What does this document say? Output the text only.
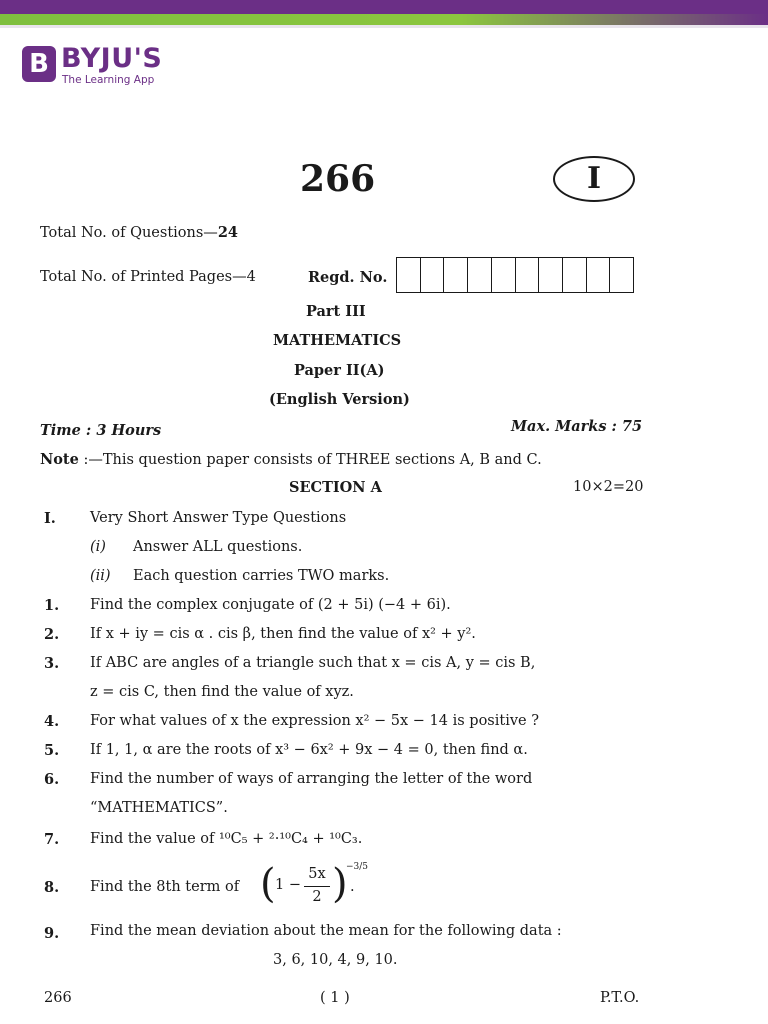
B BYJU'S
The Learning App
266	I
Total No. of Questions—24
Total No. of Printed Pages—4	Regd. No.
Part III
MATHEMATICS
Paper II(A)
(English Version)
Time : 3 Hours	Max. Marks : 75
Note :—This question paper consists of THREE sections A, B and C.
SECTION A	10×2=20
I. Very Short Answer Type Questions
(i) Answer ALL questions.
(ii) Each question carries TWO marks.
1. Find the complex conjugate of (2 + 5i) (−4 + 6i).
2. If x + iy = cis α . cis β, then find the value of x² + y².
3. If ABC are angles of a triangle such that x = cis A, y = cis B,
z = cis C, then find the value of xyz.
4. For what values of x the expression x² − 5x − 14 is positive ?
5. If 1, 1, α are the roots of x³ − 6x² + 9x − 4 = 0, then find α.
6. Find the number of ways of arranging the letter of the word
“MATHEMATICS”.
7. Find the value of ¹⁰C₅ + ²·¹⁰C₄ + ¹⁰C₃.
8. Find the 8th term of ( 1 −
5x
2 )
−3/5
.
9. Find the mean deviation about the mean for the following data :
3, 6, 10, 4, 9, 10.
266	( 1 )	P.T.O.
